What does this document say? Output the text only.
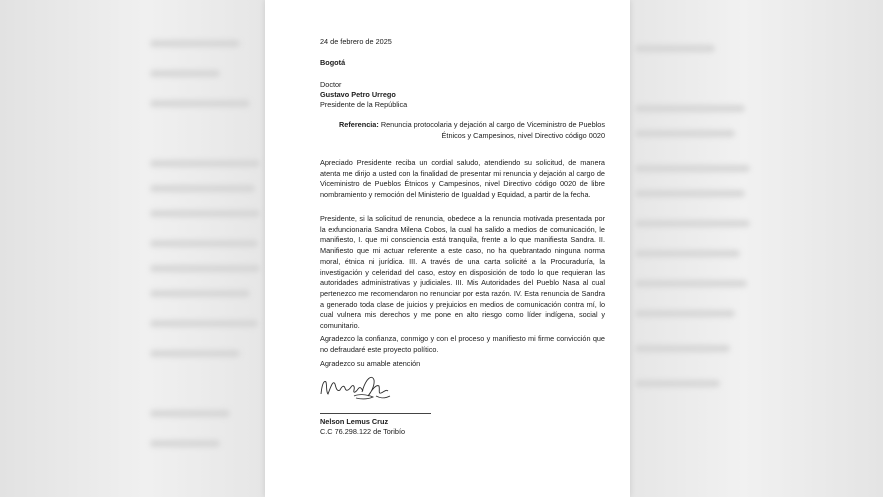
24 de febrero de 2025
Bogotá
Doctor
Gustavo Petro Urrego
Presidente de la República
Referencia: Renuncia protocolaria y dejación al cargo de Viceministro de Pueblos
Étnicos y Campesinos, nivel Directivo código 0020
Apreciado Presidente reciba un cordial saludo, atendiendo su solicitud, de manera atenta me dirijo a usted con la finalidad de presentar mi renuncia y dejación al cargo de Viceministro de Pueblos Étnicos y Campesinos, nivel Directivo código 0020 de libre nombramiento y remoción del Ministerio de Igualdad y Equidad, a partir de la fecha.
Presidente, si la solicitud de renuncia, obedece a la renuncia motivada presentada por la exfuncionaria Sandra Milena Cobos, la cual ha salido a medios de comunicación, le manifiesto, I. que mi consciencia está tranquila, frente a lo que manifiesta Sandra. II. Manifiesto que mi actuar referente a este caso, no ha quebrantado ninguna norma moral, étnica ni jurídica. III. A través de una carta solicité a la Procuraduría, la investigación y celeridad del caso, estoy en disposición de todo lo que requieran las autoridades administrativas y judiciales. III. Mis Autoridades del Pueblo Nasa al cual pertenezco me recomendaron no renunciar por esta razón. IV. Esta renuncia de Sandra a generado toda clase de juicios y prejuicios en medios de comunicación contra mí, lo cual vulnera mis derechos y me pone en alto riesgo como líder indígena, social y comunitario.
Agradezco la confianza, conmigo y con el proceso y manifiesto mi firme convicción que no defraudaré este proyecto político.
Agradezco su amable atención
Nelson Lemus Cruz
C.C 76.298.122 de Toribío
